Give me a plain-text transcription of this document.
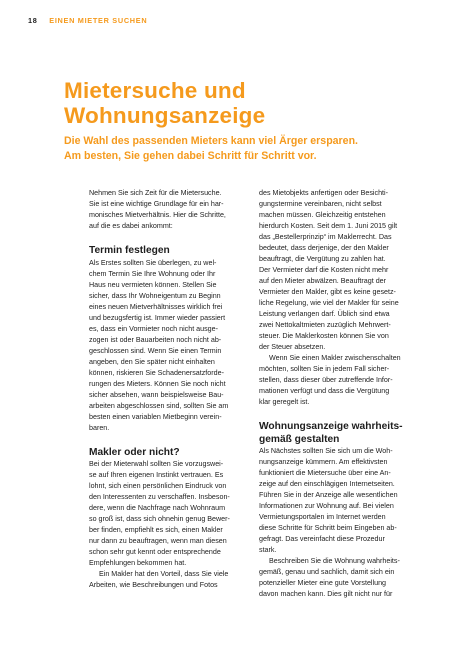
18 EINEN MIETER SUCHEN
Mietersuche und
Wohnungsanzeige
Die Wahl des passenden Mieters kann viel Ärger ersparen.
Am besten, Sie gehen dabei Schritt für Schritt vor.
Nehmen Sie sich Zeit für die Mietersuche.
Sie ist eine wichtige Grundlage für ein har-
monisches Mietverhältnis. Hier die Schritte,
auf die es dabei ankommt:
Termin festlegen
Als Erstes sollten Sie überlegen, zu wel-
chem Termin Sie Ihre Wohnung oder Ihr
Haus neu vermieten können. Stellen Sie
sicher, dass Ihr Wohneigentum zu Beginn
eines neuen Mietverhältnisses wirklich frei
und bezugsfertig ist. Immer wieder passiert
es, dass ein Vormieter noch nicht ausge-
zogen ist oder Bauarbeiten noch nicht ab-
geschlossen sind. Wenn Sie einen Termin
angeben, den Sie später nicht einhalten
können, riskieren Sie Schadenersatzforde-
rungen des Mieters. Können Sie noch nicht
sicher absehen, wann beispielsweise Bau-
arbeiten abgeschlossen sind, sollten Sie am
besten einen variablen Mietbeginn verein-
baren.
Makler oder nicht?
Bei der Mieterwahl sollten Sie vorzugswei-
se auf Ihren eigenen Instinkt vertrauen. Es
lohnt, sich einen persönlichen Eindruck von
den Interessenten zu verschaffen. Insbeson-
dere, wenn die Nachfrage nach Wohnraum
so groß ist, dass sich ohnehin genug Bewer-
ber finden, empfiehlt es sich, einen Makler
nur dann zu beauftragen, wenn man diesen
schon sehr gut kennt oder entsprechende
Empfehlungen bekommen hat.
Ein Makler hat den Vorteil, dass Sie viele
Arbeiten, wie Beschreibungen und Fotos
des Mietobjekts anfertigen oder Besichti-
gungstermine vereinbaren, nicht selbst
machen müssen. Gleichzeitig entstehen
hierdurch Kosten. Seit dem 1. Juni 2015 gilt
das „Bestellerprinzip“ im Maklerrecht. Das
bedeutet, dass derjenige, der den Makler
beauftragt, die Vergütung zu zahlen hat.
Der Vermieter darf die Kosten nicht mehr
auf den Mieter abwälzen. Beauftragt der
Vermieter den Makler, gibt es keine gesetz-
liche Regelung, wie viel der Makler für seine
Leistung verlangen darf. Üblich sind etwa
zwei Nettokaltmieten zuzüglich Mehrwert-
steuer. Die Maklerkosten können Sie von
der Steuer absetzen.
Wenn Sie einen Makler zwischenschalten
möchten, sollten Sie in jedem Fall sicher-
stellen, dass dieser über zutreffende Infor-
mationen verfügt und dass die Vergütung
klar geregelt ist.
Wohnungsanzeige wahrheits-
gemäß gestalten
Als Nächstes sollten Sie sich um die Woh-
nungsanzeige kümmern. Am effektivsten
funktioniert die Mietersuche über eine An-
zeige auf den einschlägigen Internetseiten.
Führen Sie in der Anzeige alle wesentlichen
Informationen zur Wohnung auf. Bei vielen
Vermietungsportalen im Internet werden
diese Schritte für Schritt beim Eingeben ab-
gefragt. Das vereinfacht diese Prozedur
stark.
Beschreiben Sie die Wohnung wahrheits-
gemäß, genau und sachlich, damit sich ein
potenzieller Mieter eine gute Vorstellung
davon machen kann. Dies gilt nicht nur für
